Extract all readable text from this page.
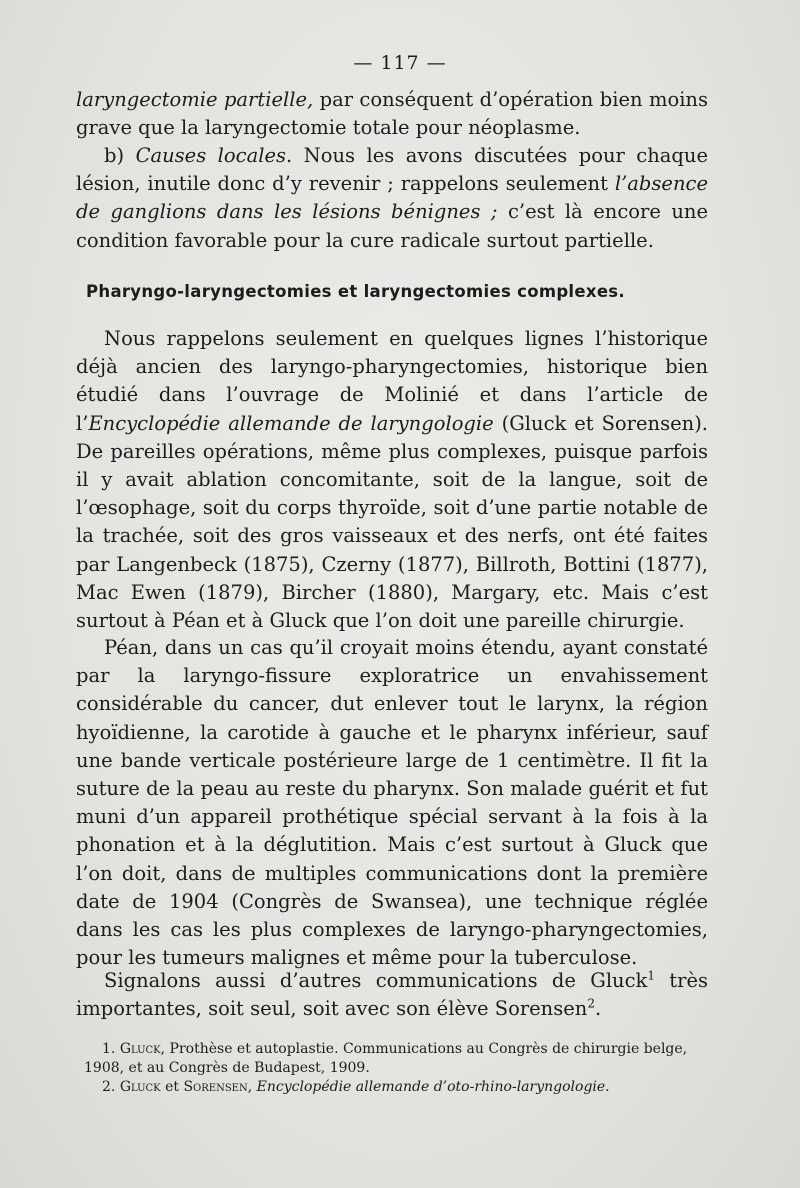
— 117 —

laryngectomie partielle, par conséquent d’opération bien moins grave que la laryngectomie totale pour néoplasme.

b) Causes locales. Nous les avons discutées pour chaque lésion, inutile donc d’y revenir ; rappelons seulement l’absence de ganglions dans les lésions bénignes ; c’est là encore une condition favorable pour la cure radicale surtout partielle.

Pharyngo-laryngectomies et laryngectomies complexes.

Nous rappelons seulement en quelques lignes l’historique déjà ancien des laryngo-pharyngectomies, historique bien étudié dans l’ouvrage de Molinié et dans l’article de l’Encyclopédie allemande de laryngologie (Gluck et Sorensen). De pareilles opérations, même plus complexes, puisque parfois il y avait ablation concomitante, soit de la langue, soit de l’œsophage, soit du corps thyroïde, soit d’une partie notable de la trachée, soit des gros vaisseaux et des nerfs, ont été faites par Langenbeck (1875), Czerny (1877), Billroth, Bottini (1877), Mac Ewen (1879), Bircher (1880), Margary, etc. Mais c’est surtout à Péan et à Gluck que l’on doit une pareille chirurgie.

Péan, dans un cas qu’il croyait moins étendu, ayant constaté par la laryngo-fissure exploratrice un envahissement considérable du cancer, dut enlever tout le larynx, la région hyoïdienne, la carotide à gauche et le pharynx inférieur, sauf une bande verticale postérieure large de 1 centimètre. Il fit la suture de la peau au reste du pharynx. Son malade guérit et fut muni d’un appareil prothétique spécial servant à la fois à la phonation et à la déglutition. Mais c’est surtout à Gluck que l’on doit, dans de multiples communications dont la première date de 1904 (Congrès de Swansea), une technique réglée dans les cas les plus complexes de laryngo-pharyngectomies, pour les tumeurs malignes et même pour la tuberculose.

Signalons aussi d’autres communications de Gluck$^1$ très importantes, soit seul, soit avec son élève Sorensen$^2$.

1. Gluck, Prothèse et autoplastie. Communications au Congrès de chirurgie belge, 1908, et au Congrès de Budapest, 1909.

2. Gluck et Sorensen, Encyclopédie allemande d’oto-rhino-laryngologie.
